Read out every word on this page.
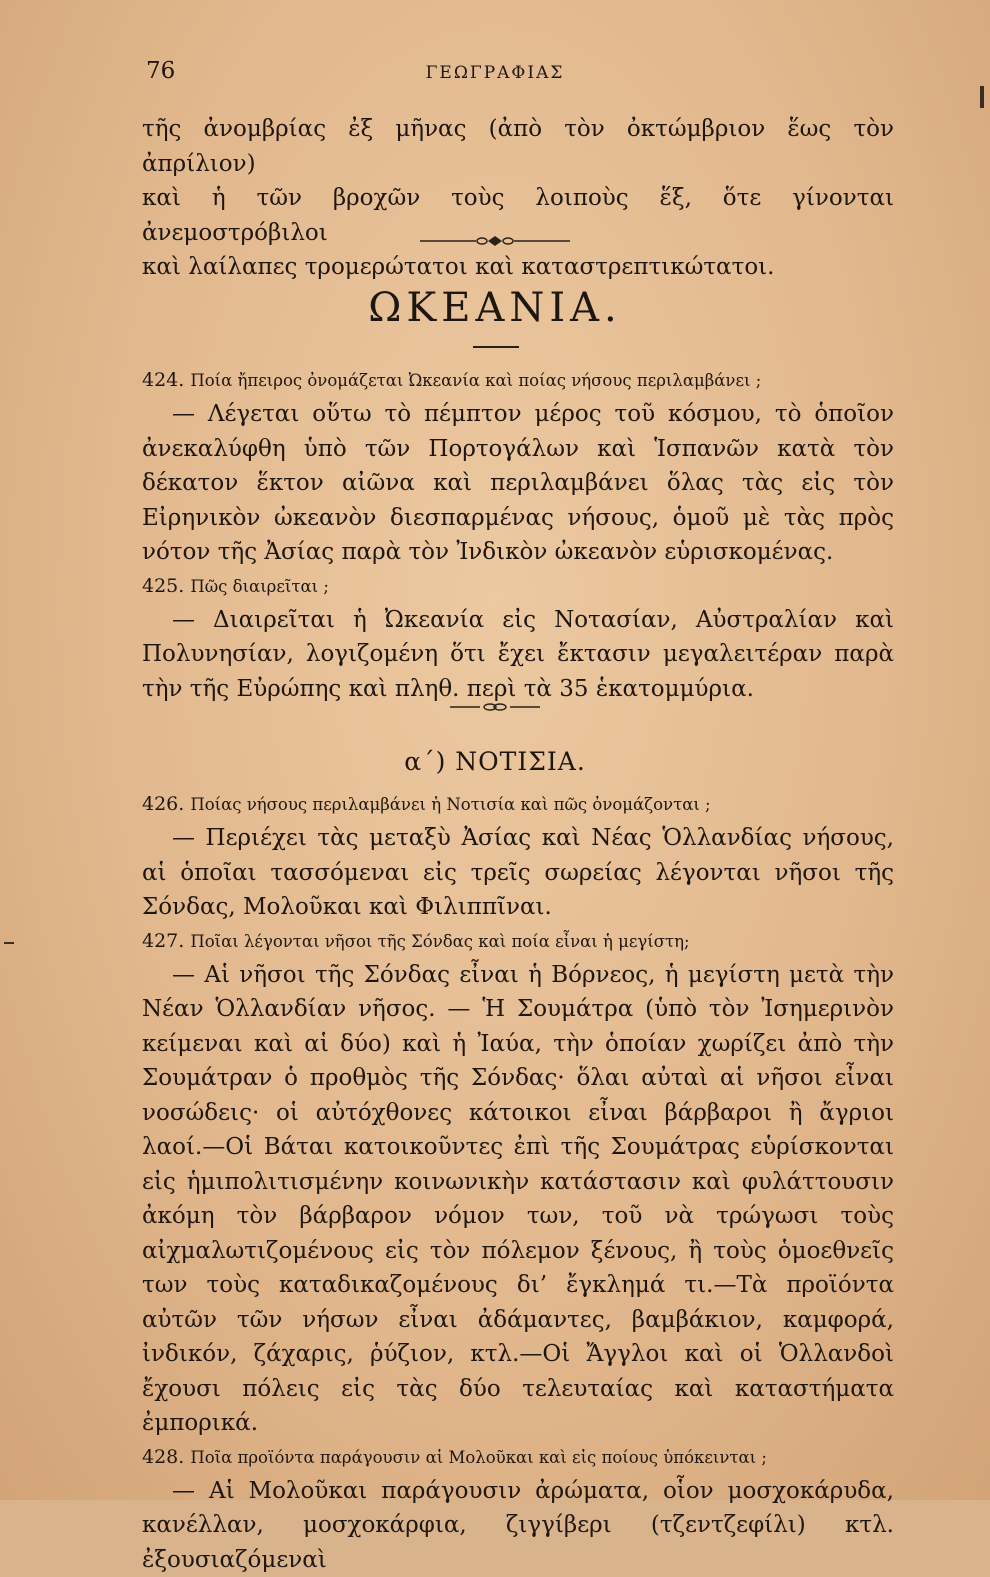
76	ΓΕΩΓΡΑΦΙΑΣ

τῆς ἀνομβρίας ἐξ μῆνας (ἀπὸ τὸν ὀκτώμβριον ἕως τὸν ἀπρίλιον)

καὶ ἡ τῶν βροχῶν τοὺς λοιποὺς ἕξ, ὅτε γίνονται ἀνεμοστρόβιλοι

καὶ λαίλαπες τρομερώτατοι καὶ καταστρεπτικώτατοι.

ΩΚΕΑΝΙΑ.

424. Ποία ἤπειρος ὀνομάζεται Ὠκεανία καὶ ποίας νήσους περιλαμβάνει ;

— Λέγεται οὕτω τὸ πέμπτον μέρος τοῦ κόσμου, τὸ ὁποῖον ἀνεκαλύφθη ὑπὸ τῶν Πορτογάλων καὶ Ἱσπανῶν κατὰ τὸν δέκατον ἕκτον αἰῶνα καὶ περιλαμβάνει ὅλας τὰς εἰς τὸν Εἰρηνικὸν ὠκεανὸν διεσπαρμένας νήσους, ὁμοῦ μὲ τὰς πρὸς νότον τῆς Ἀσίας παρὰ τὸν Ἰνδικὸν ὠκεανὸν εὑρισκομένας.

425. Πῶς διαιρεῖται ;

— Διαιρεῖται ἡ Ὠκεανία εἰς Νοτασίαν, Αὐστραλίαν καὶ Πολυνησίαν, λογιζομένη ὅτι ἔχει ἔκτασιν μεγαλειτέραν παρὰ τὴν τῆς Εὐρώπης καὶ πληθ. περὶ τὰ 35 ἑκατομμύρια.

α΄) ΝΟΤΙΣΙΑ.

426. Ποίας νήσους περιλαμβάνει ἡ Νοτισία καὶ πῶς ὀνομάζονται ;

— Περιέχει τὰς μεταξὺ Ἀσίας καὶ Νέας Ὁλλανδίας νήσους, αἱ ὁποῖαι τασσόμεναι εἰς τρεῖς σωρείας λέγονται νῆσοι τῆς Σόνδας, Μολοῦκαι καὶ Φιλιππῖναι.

427. Ποῖαι λέγονται νῆσοι τῆς Σόνδας καὶ ποία εἶναι ἡ μεγίστη;

— Αἱ νῆσοι τῆς Σόνδας εἶναι ἡ Βόρνεος, ἡ μεγίστη μετὰ τὴν Νέαν Ὁλλανδίαν νῆσος. — Ἡ Σουμάτρα (ὑπὸ τὸν Ἰσημερινὸν κείμεναι καὶ αἱ δύο) καὶ ἡ Ἰαύα, τὴν ὁποίαν χωρίζει ἀπὸ τὴν Σουμάτραν ὁ προθμὸς τῆς Σόνδας· ὅλαι αὐταὶ αἱ νῆσοι εἶναι νοσώδεις· οἱ αὐτόχθονες κάτοικοι εἶναι βάρβαροι ἢ ἄγριοι λαοί.—Οἱ Βάται κατοικοῦντες ἐπὶ τῆς Σουμάτρας εὑρίσκονται εἰς ἡμιπολιτισμένην κοινωνικὴν κατάστασιν καὶ φυλάττουσιν ἀκόμη τὸν βάρβαρον νόμον των, τοῦ νὰ τρώγωσι τοὺς αἰχμαλωτιζομένους εἰς τὸν πόλεμον ξένους, ἢ τοὺς ὁμοεθνεῖς των τοὺς καταδικαζομένους δι’ ἔγκλημά τι.—Τὰ προϊόντα αὐτῶν τῶν νήσων εἶναι ἀδάμαντες, βαμβάκιον, καμφορά, ἰνδικόν, ζάχαρις, ῥύζιον, κτλ.—Οἱ Ἄγγλοι καὶ οἱ Ὁλλανδοὶ ἔχουσι πόλεις εἰς τὰς δύο τελευταίας καὶ καταστήματα ἐμπορικά.

428. Ποῖα προϊόντα παράγουσιν αἱ Μολοῦκαι καὶ εἰς ποίους ὑπόκεινται ;

— Αἱ Μολοῦκαι παράγουσιν ἀρώματα, οἷον μοσχοκάρυδα, κανέλλαν, μοσχοκάρφια, ζιγγίβερι (τζεντζεφίλι) κτλ. ἐξουσιαζόμεναὶ
